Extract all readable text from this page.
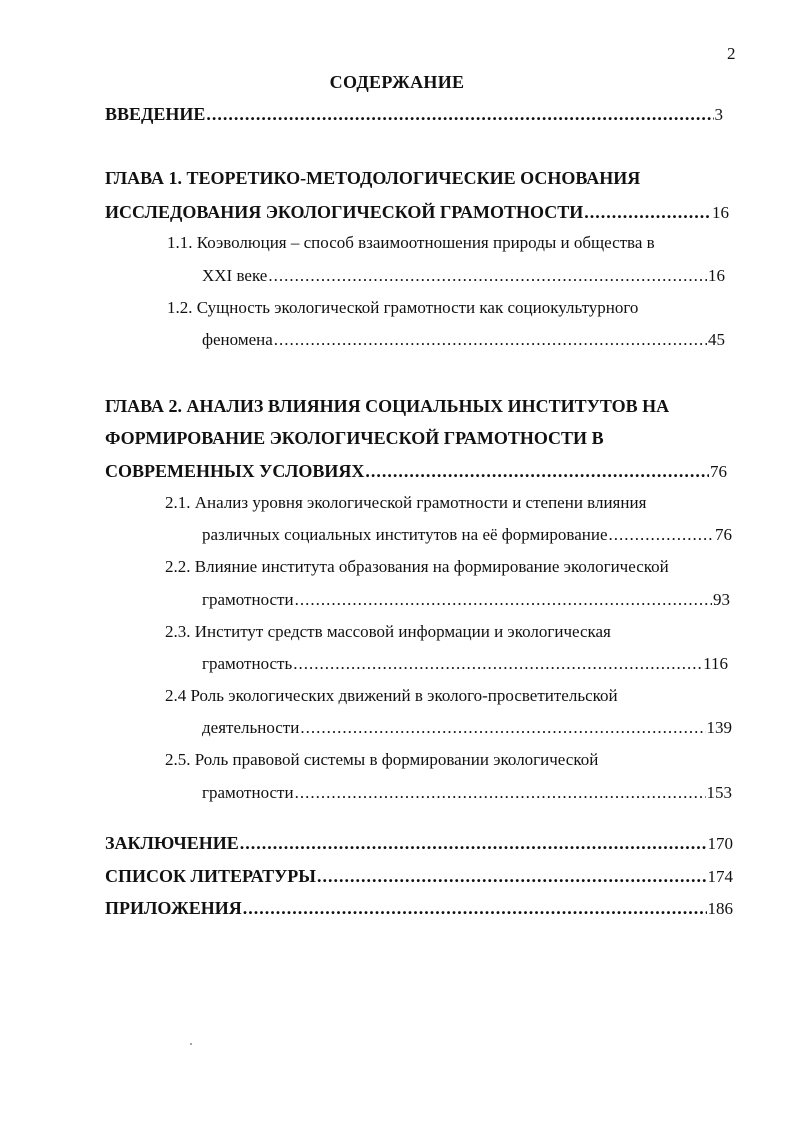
2
СОДЕРЖАНИЕ
ВВЕДЕНИЕ .....	3
ГЛАВА 1. ТЕОРЕТИКО-МЕТОДОЛОГИЧЕСКИЕ ОСНОВАНИЯ
ИССЛЕДОВАНИЯ ЭКОЛОГИЧЕСКОЙ ГРАМОТНОСТИ .....	16
1.1. Коэволюция – способ взаимоотношения природы и общества в
XXI веке .....	16
1.2. Сущность экологической грамотности как социокультурного
феномена .....	45
ГЛАВА 2. АНАЛИЗ ВЛИЯНИЯ СОЦИАЛЬНЫХ ИНСТИТУТОВ НА
ФОРМИРОВАНИЕ ЭКОЛОГИЧЕСКОЙ ГРАМОТНОСТИ В
СОВРЕМЕННЫХ УСЛОВИЯХ .....	76
2.1. Анализ уровня экологической грамотности и степени влияния
различных социальных институтов на её формирование .....	76
2.2. Влияние института образования на формирование экологической
грамотности .....	93
2.3. Институт средств массовой информации и экологическая
грамотность .....	116
2.4 Роль экологических движений в эколого-просветительской
деятельности .....	139
2.5. Роль правовой системы в формировании экологической
грамотности .....	153
ЗАКЛЮЧЕНИЕ .....	170
СПИСОК ЛИТЕРАТУРЫ .....	174
ПРИЛОЖЕНИЯ .....	186
